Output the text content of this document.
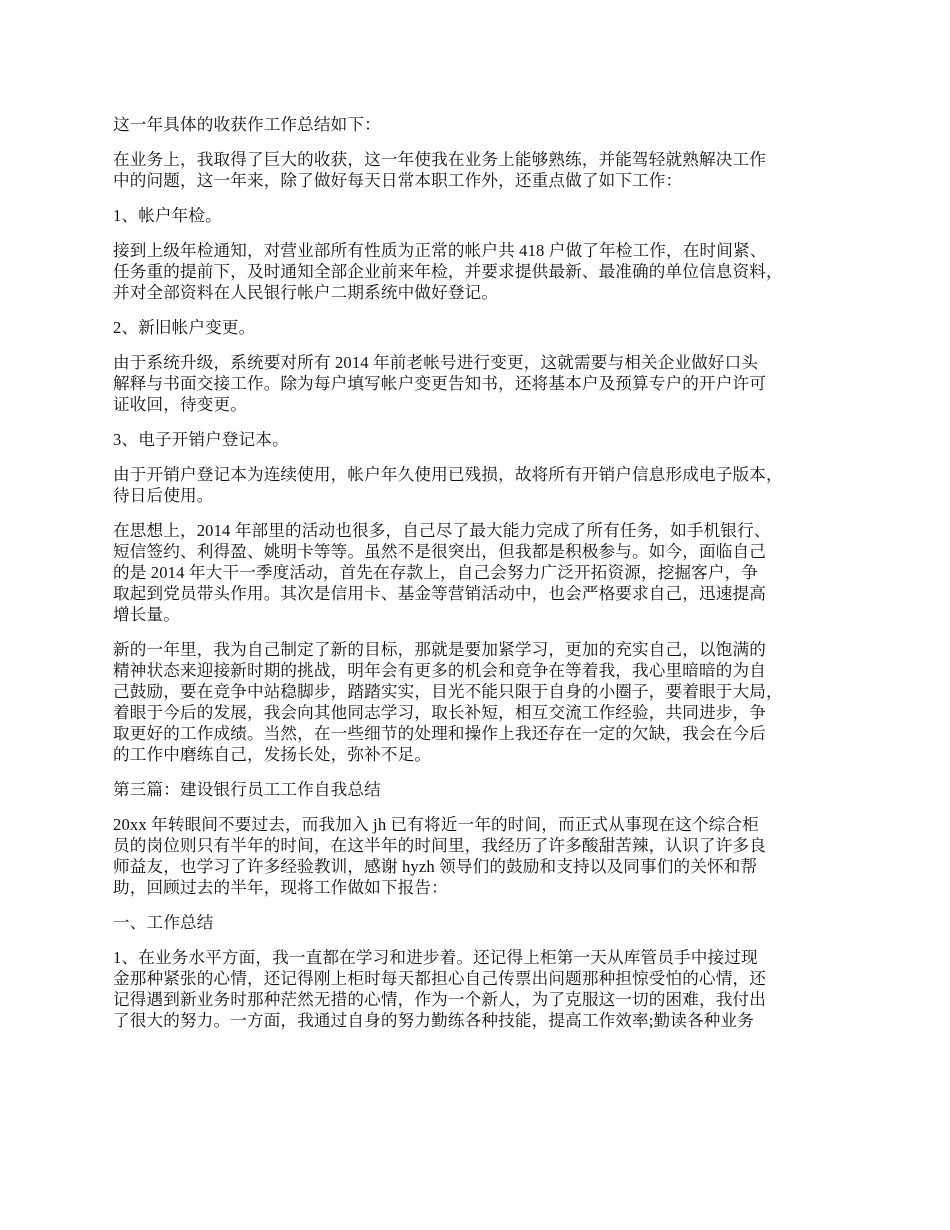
这一年具体的收获作工作总结如下：
在业务上，我取得了巨大的收获，这一年使我在业务上能够熟练，并能驾轻就熟解决工作
中的问题，这一年来，除了做好每天日常本职工作外，还重点做了如下工作：
1、帐户年检。
接到上级年检通知，对营业部所有性质为正常的帐户共 418 户做了年检工作，在时间紧、
任务重的提前下，及时通知全部企业前来年检，并要求提供最新、最准确的单位信息资料，
并对全部资料在人民银行帐户二期系统中做好登记。
2、新旧帐户变更。
由于系统升级，系统要对所有 2014 年前老帐号进行变更，这就需要与相关企业做好口头
解释与书面交接工作。除为每户填写帐户变更告知书，还将基本户及预算专户的开户许可
证收回，待变更。
3、电子开销户登记本。
由于开销户登记本为连续使用，帐户年久使用已残损，故将所有开销户信息形成电子版本，
待日后使用。
在思想上，2014 年部里的活动也很多，自己尽了最大能力完成了所有任务，如手机银行、
短信签约、利得盈、姚明卡等等。虽然不是很突出，但我都是积极参与。如今，面临自己
的是 2014 年大干一季度活动，首先在存款上，自己会努力广泛开拓资源，挖掘客户，争
取起到党员带头作用。其次是信用卡、基金等营销活动中，也会严格要求自己，迅速提高
增长量。
新的一年里，我为自己制定了新的目标，那就是要加紧学习，更加的充实自己，以饱满的
精神状态来迎接新时期的挑战，明年会有更多的机会和竞争在等着我，我心里暗暗的为自
己鼓励，要在竞争中站稳脚步，踏踏实实，目光不能只限于自身的小圈子，要着眼于大局，
着眼于今后的发展，我会向其他同志学习，取长补短，相互交流工作经验，共同进步，争
取更好的工作成绩。当然，在一些细节的处理和操作上我还存在一定的欠缺，我会在今后
的工作中磨练自己，发扬长处，弥补不足。
第三篇：建设银行员工工作自我总结
20xx 年转眼间不要过去，而我加入 jh 已有将近一年的时间，而正式从事现在这个综合柜
员的岗位则只有半年的时间，在这半年的时间里，我经历了许多酸甜苦辣，认识了许多良
师益友，也学习了许多经验教训，感谢 hyzh 领导们的鼓励和支持以及同事们的关怀和帮
助，回顾过去的半年，现将工作做如下报告：
一、工作总结
1、在业务水平方面，我一直都在学习和进步着。还记得上柜第一天从库管员手中接过现
金那种紧张的心情，还记得刚上柜时每天都担心自己传票出问题那种担惊受怕的心情，还
记得遇到新业务时那种茫然无措的心情，作为一个新人，为了克服这一切的困难，我付出
了很大的努力。一方面，我通过自身的努力勤练各种技能，提高工作效率;勤读各种业务
